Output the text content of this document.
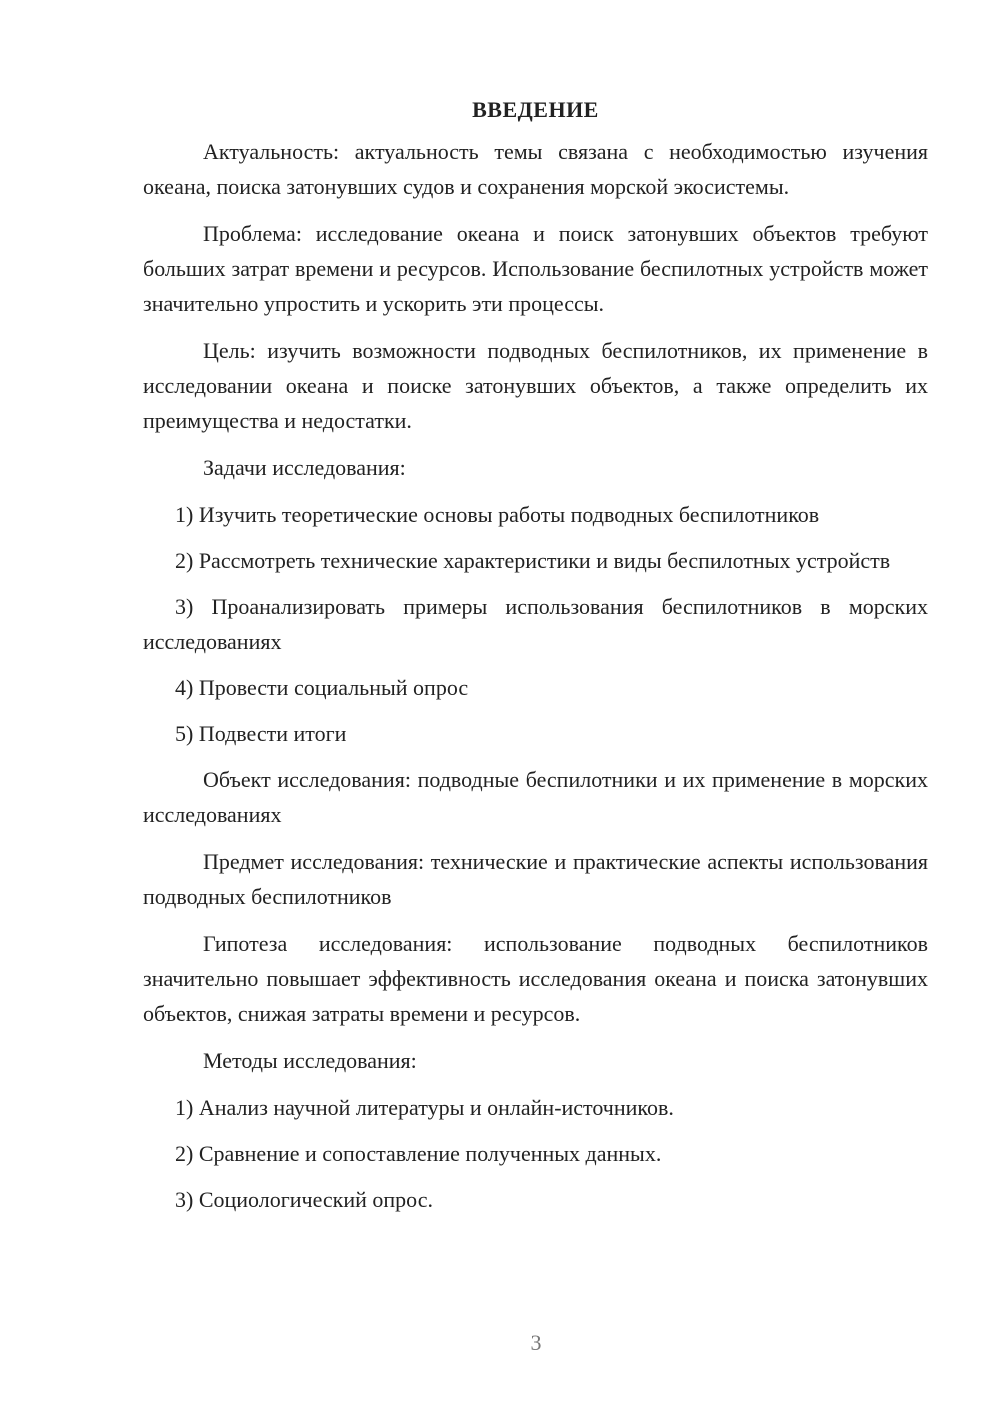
ВВЕДЕНИЕ

Актуальность: актуальность темы связана с необходимостью изучения океана, поиска затонувших судов и сохранения морской экосистемы.

Проблема: исследование океана и поиск затонувших объектов требуют больших затрат времени и ресурсов. Использование беспилотных устройств может значительно упростить и ускорить эти процессы.

Цель: изучить возможности подводных беспилотников, их применение в исследовании океана и поиске затонувших объектов, а также определить их преимущества и недостатки.

Задачи исследования:

1) Изучить теоретические основы работы подводных беспилотников

2) Рассмотреть технические характеристики и виды беспилотных устройств

3) Проанализировать примеры использования беспилотников в морских исследованиях

4) Провести социальный опрос

5) Подвести итоги

Объект исследования: подводные беспилотники и их применение в морских исследованиях

Предмет исследования: технические и практические аспекты использования подводных беспилотников

Гипотеза исследования: использование подводных беспилотников значительно повышает эффективность исследования океана и поиска затонувших объектов, снижая затраты времени и ресурсов.

Методы исследования:

1) Анализ научной литературы и онлайн-источников.

2) Сравнение и сопоставление полученных данных.

3) Социологический опрос.

3
